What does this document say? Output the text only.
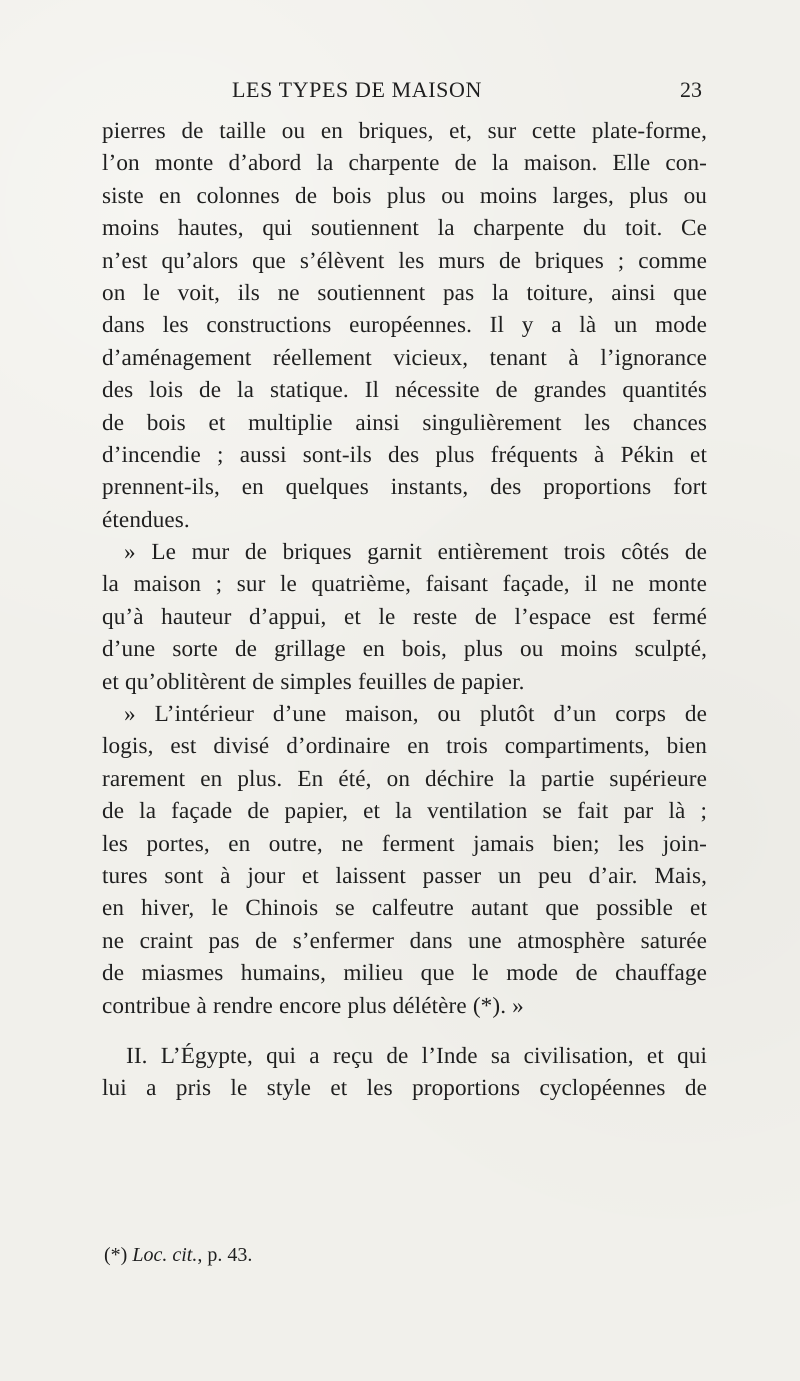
LES TYPES DE MAISON	23
pierres de taille ou en briques, et, sur cette plate-forme,
l’on monte d’abord la charpente de la maison. Elle con-
siste en colonnes de bois plus ou moins larges, plus ou
moins hautes, qui soutiennent la charpente du toit. Ce
n’est qu’alors que s’élèvent les murs de briques ; comme
on le voit, ils ne soutiennent pas la toiture, ainsi que
dans les constructions européennes. Il y a là un mode
d’aménagement réellement vicieux, tenant à l’ignorance
des lois de la statique. Il nécessite de grandes quantités
de bois et multiplie ainsi singulièrement les chances
d’incendie ; aussi sont-ils des plus fréquents à Pékin et
prennent-ils, en quelques instants, des proportions fort
étendues.
» Le mur de briques garnit entièrement trois côtés de
la maison ; sur le quatrième, faisant façade, il ne monte
qu’à hauteur d’appui, et le reste de l’espace est fermé
d’une sorte de grillage en bois, plus ou moins sculpté,
et qu’oblitèrent de simples feuilles de papier.
» L’intérieur d’une maison, ou plutôt d’un corps de
logis, est divisé d’ordinaire en trois compartiments, bien
rarement en plus. En été, on déchire la partie supérieure
de la façade de papier, et la ventilation se fait par là ;
les portes, en outre, ne ferment jamais bien; les join-
tures sont à jour et laissent passer un peu d’air. Mais,
en hiver, le Chinois se calfeutre autant que possible et
ne craint pas de s’enfermer dans une atmosphère saturée
de miasmes humains, milieu que le mode de chauffage
contribue à rendre encore plus délétère (*). »
II. L’Égypte, qui a reçu de l’Inde sa civilisation, et qui
lui a pris le style et les proportions cyclopéennes de
(*) Loc. cit., p. 43.
